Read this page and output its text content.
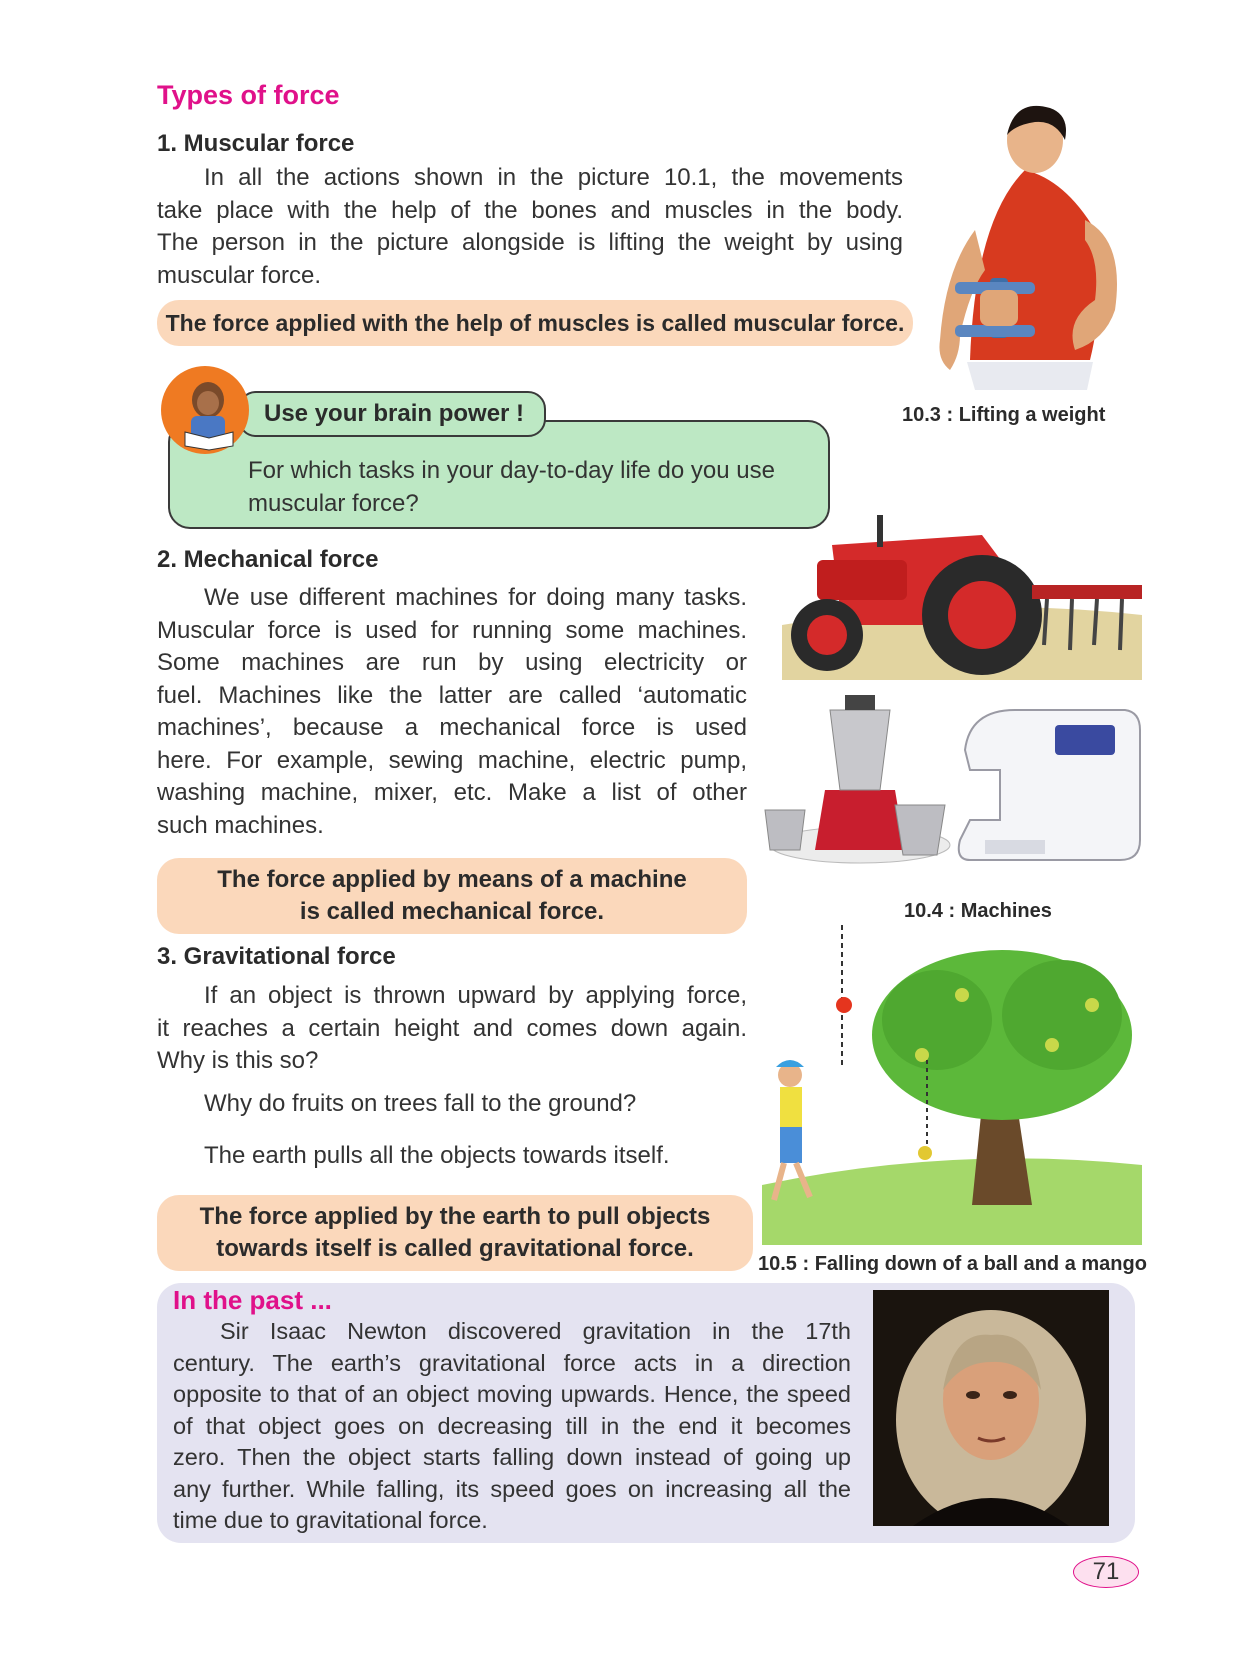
Types of force
1. Muscular force
In all the actions shown in the picture 10.1, the movements
take place with the help of the bones and muscles in the body.
The person in the picture alongside is lifting the weight by using
muscular force.
The force applied with the help of muscles is called muscular force.
10.3 : Lifting a weight
Use your brain power !
For which tasks in your day-to-day life do you use
muscular force?
2. Mechanical force
We use different machines for doing many tasks.
Muscular force is used for running some machines.
Some machines are run by using electricity or
fuel. Machines like the latter are called ‘automatic
machines’, because a mechanical force is used
here. For example, sewing machine, electric pump,
washing machine, mixer, etc. Make a list of other
such machines.
The force applied by means of a machine
is called mechanical force.	10.4 : Machines
3. Gravitational force
If an object is thrown upward by applying force,
it reaches a certain height and comes down again.
Why is this so?
Why do fruits on trees fall to the ground?
The earth pulls all the objects towards itself.
The force applied by the earth to pull objects
towards itself is called gravitational force.
10.5 : Falling down of a ball and a mango
In the past ...
Sir Isaac Newton discovered gravitation in the 17th
century. The earth’s gravitational force acts in a direction
opposite to that of an object moving upwards. Hence, the speed
of that object goes on decreasing till in the end it becomes
zero. Then the object starts falling down instead of going up
any further. While falling, its speed goes on increasing all the
time due to gravitational force.
71
